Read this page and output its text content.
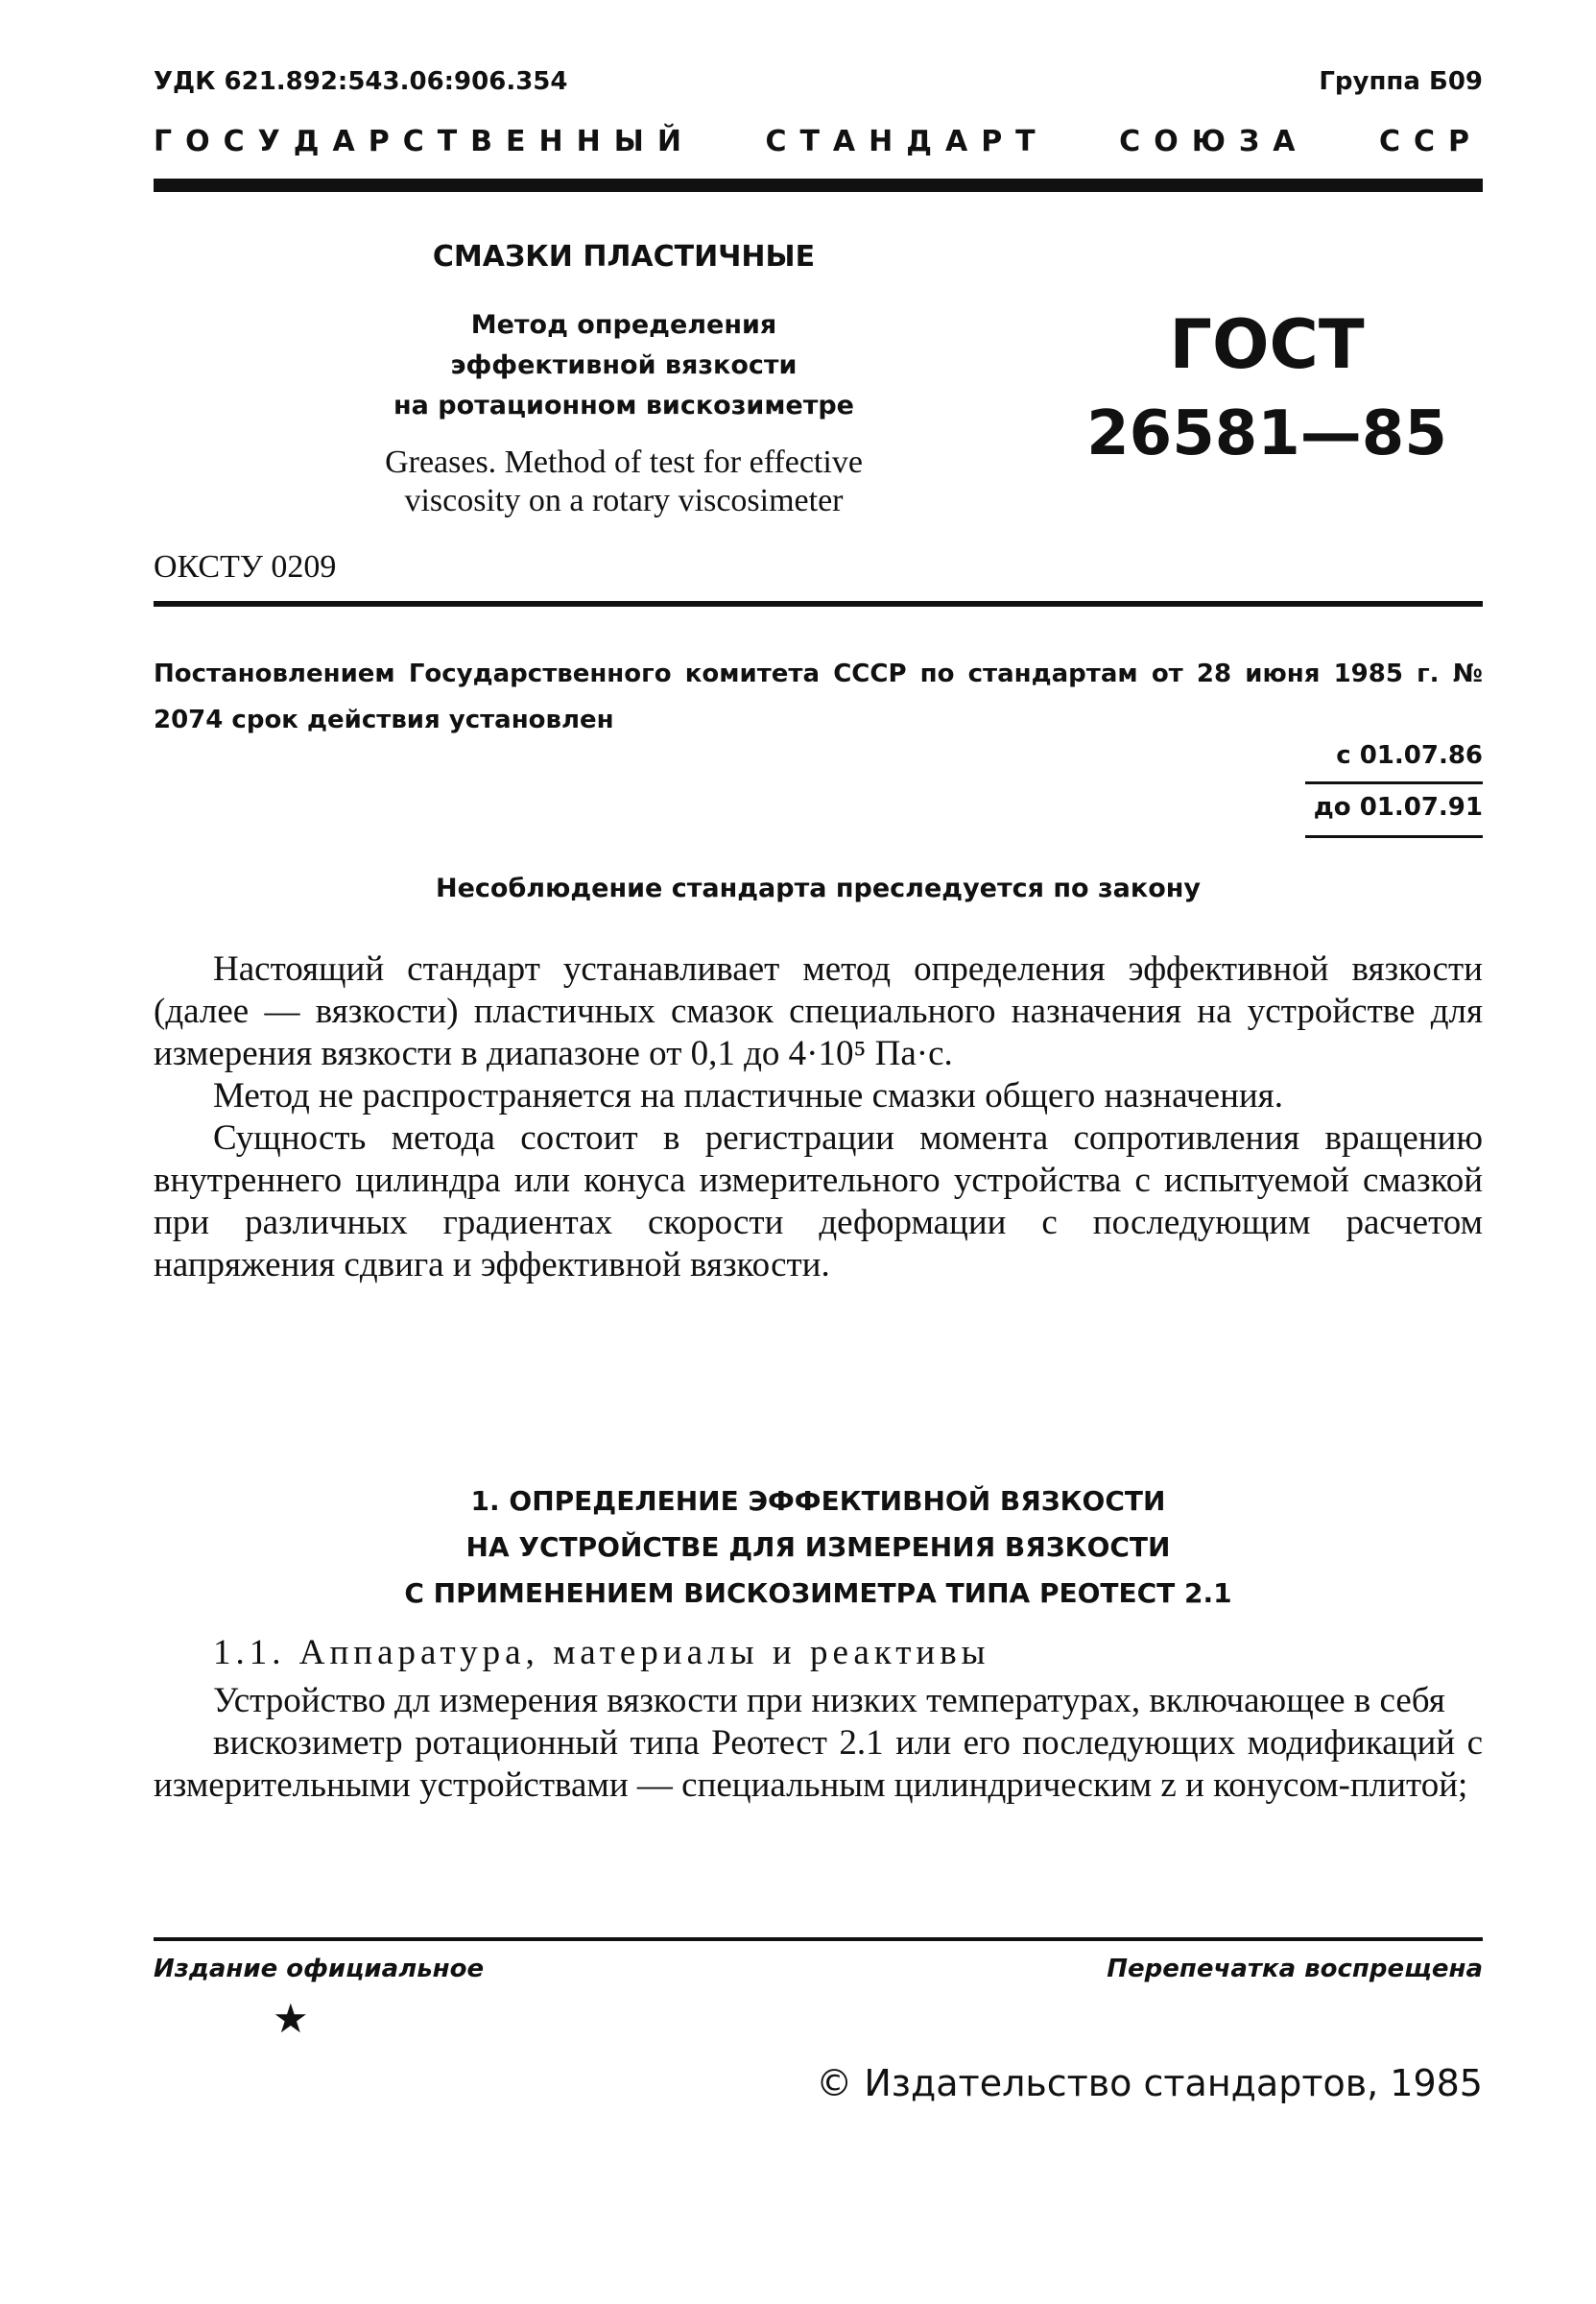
УДК 621.892:543.06:906.354	Группа Б09
ГОСУДАРСТВЕННЫЙ СТАНДАРТ СОЮЗА ССР
СМАЗКИ ПЛАСТИЧНЫЕ
Метод определения
эффективной вязкости
на ротационном вискозиметре
Greases. Method of test for effective
viscosity on a rotary viscosimeter
ГОСТ
26581—85
ОКСТУ 0209
Постановлением Государственного комитета СССР по стандартам от 28 июня 1985 г. № 2074 срок действия установлен
с 01.07.86
до 01.07.91
Несоблюдение стандарта преследуется по закону

Настоящий стандарт устанавливает метод определения эффективной вязкости (далее — вязкости) пластичных смазок специального назначения на устройстве для измерения вязкости в диапазоне от 0,1 до 4·10⁵ Па·с.

Метод не распространяется на пластичные смазки общего назначения.

Сущность метода состоит в регистрации момента сопротивления вращению внутреннего цилиндра или конуса измерительного устройства с испытуемой смазкой при различных градиентах скорости деформации с последующим расчетом напряжения сдвига и эффективной вязкости.

1. ОПРЕДЕЛЕНИЕ ЭФФЕКТИВНОЙ ВЯЗКОСТИ
НА УСТРОЙСТВЕ ДЛЯ ИЗМЕРЕНИЯ ВЯЗКОСТИ
С ПРИМЕНЕНИЕМ ВИСКОЗИМЕТРА ТИПА РЕОТЕСТ 2.1
1.1. Аппаратура, материалы и реактивы

Устройство дл измерения вязкости при низких температурах, включающее в себя

вискозиметр ротационный типа Реотест 2.1 или его последующих модификаций с измерительными устройствами — специальным цилиндрическим z и конусом-плитой;

Издание официальное	Перепечатка воспрещена
★
© Издательство стандартов, 1985
